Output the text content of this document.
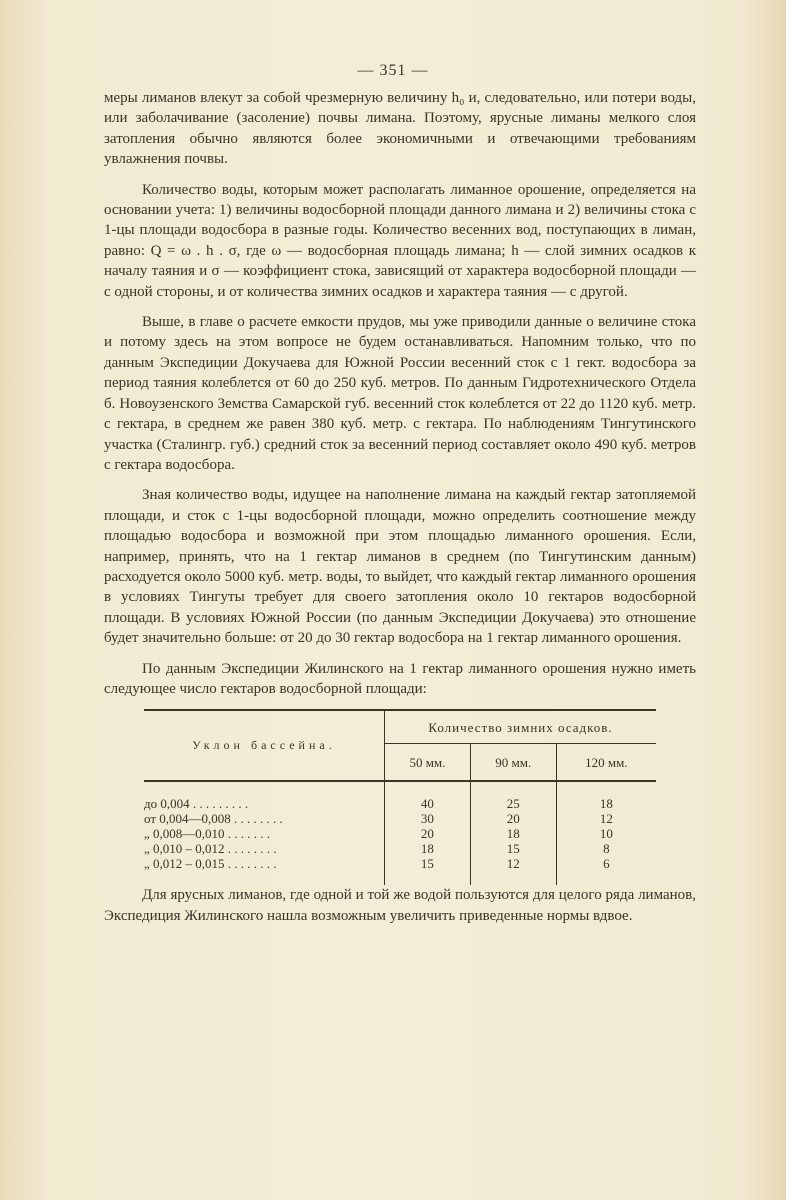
— 351 —

меры лиманов влекут за собой чрезмерную величину h₀ и, следовательно, или потери воды, или заболачивание (засоление) почвы лимана. Поэтому, ярусные лиманы мелкого слоя затопления обычно являются более экономичными и отвечающими требованиям увлажнения почвы.

Количество воды, которым может располагать лиманное орошение, определяется на основании учета: 1) величины водосборной площади данного лимана и 2) величины стока с 1-цы площади водосбора в разные годы. Количество весенних вод, поступающих в лиман, равно: Q = ω . h . σ, где ω — водосборная площадь лимана; h — слой зимних осадков к началу таяния и σ — коэффициент стока, зависящий от характера водосборной площади — с одной стороны, и от количества зимних осадков и характера таяния — с другой.

Выше, в главе о расчете емкости прудов, мы уже приводили данные о величине стока и потому здесь на этом вопросе не будем останавливаться. Напомним только, что по данным Экспедиции Докучаева для Южной России весенний сток с 1 гект. водосбора за период таяния колеблется от 60 до 250 куб. метров. По данным Гидротехнического Отдела б. Новоузенского Земства Самарской губ. весенний сток колеблется от 22 до 1120 куб. метр. с гектара, в среднем же равен 380 куб. метр. с гектара. По наблюдениям Тингутинского участка (Сталингр. губ.) средний сток за весенний период составляет около 490 куб. метров с гектара водосбора.

Зная количество воды, идущее на наполнение лимана на каждый гектар затопляемой площади, и сток с 1-цы водосборной площади, можно определить соотношение между площадью водосбора и возможной при этом площадью лиманного орошения. Если, например, принять, что на 1 гектар лиманов в среднем (по Тингутинским данным) расходуется около 5000 куб. метр. воды, то выйдет, что каждый гектар лиманного орошения в условиях Тингуты требует для своего затопления около 10 гектаров водосборной площади. В условиях Южной России (по данным Экспедиции Докучаева) это отношение будет значительно больше: от 20 до 30 гектар водосбора на 1 гектар лиманного орошения.

По данным Экспедиции Жилинского на 1 гектар лиманного орошения нужно иметь следующее число гектаров водосборной площади:

Уклон бассейна.	Количество зимних осадков.		
	50 мм.	90 мм.	120 мм.
до 0,004 . . . . . . . . .	40	25	18
от 0,004—0,008 . . . . . . . .	30	20	12
„ 0,008—0,010 . . . . . . .	20	18	10
„ 0,010 – 0,012 . . . . . . . .	18	15	8
„ 0,012 – 0,015 . . . . . . . .	15	12	6

Для ярусных лиманов, где одной и той же водой пользуются для целого ряда лиманов, Экспедиция Жилинского нашла возможным увеличить приведенные нормы вдвое.
